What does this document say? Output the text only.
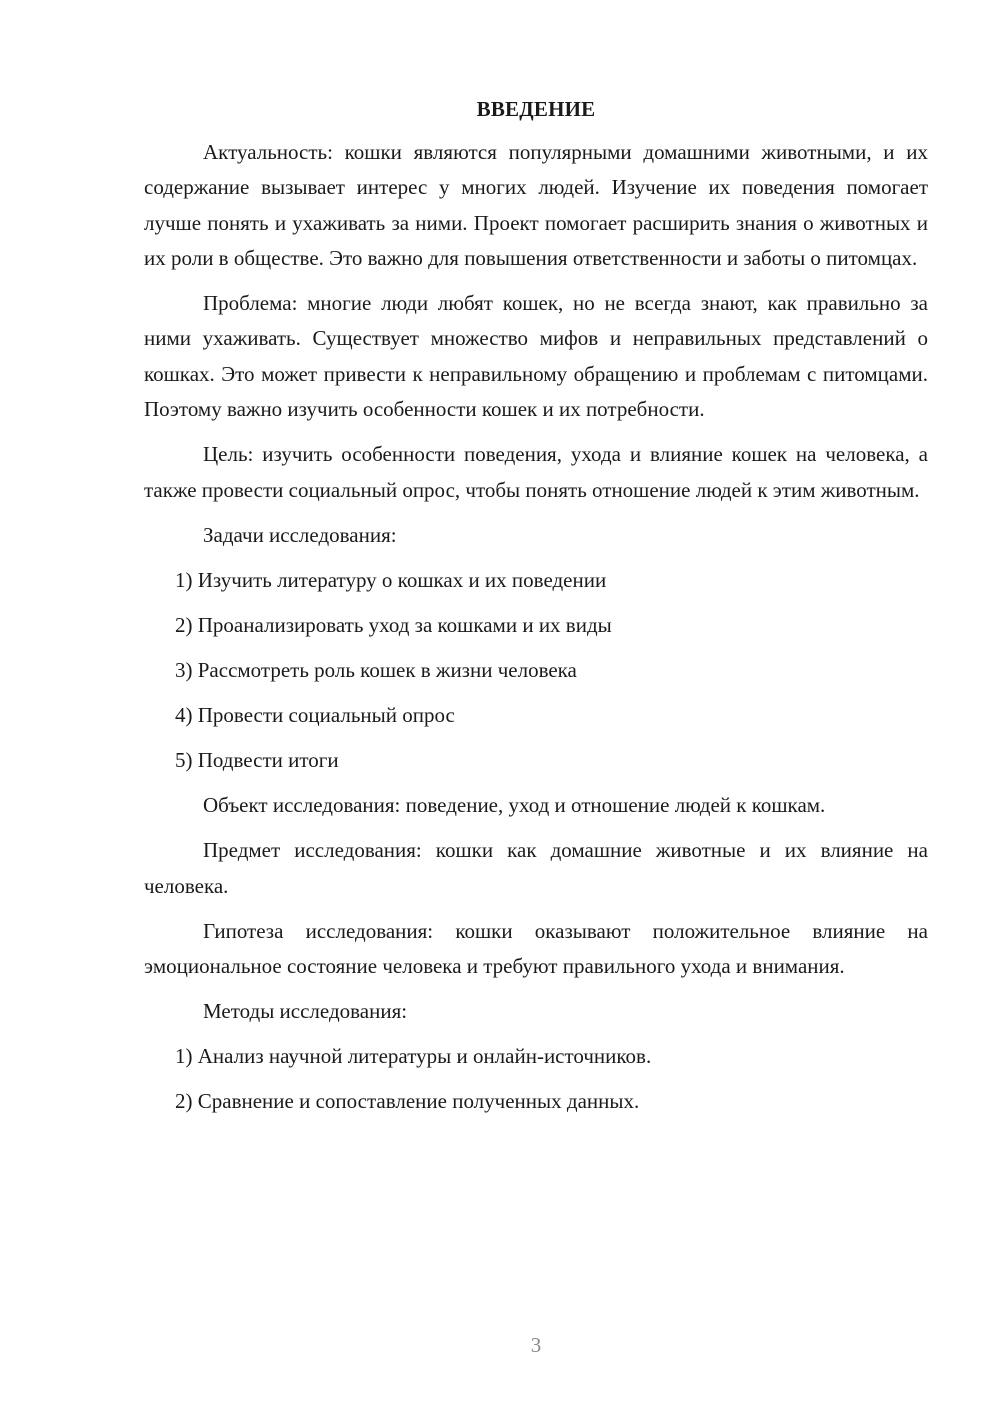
ВВЕДЕНИЕ

Актуальность: кошки являются популярными домашними животными, и их содержание вызывает интерес у многих людей. Изучение их поведения помогает лучше понять и ухаживать за ними. Проект помогает расширить знания о животных и их роли в обществе. Это важно для повышения ответственности и заботы о питомцах.

Проблема: многие люди любят кошек, но не всегда знают, как правильно за ними ухаживать. Существует множество мифов и неправильных представлений о кошках. Это может привести к неправильному обращению и проблемам с питомцами. Поэтому важно изучить особенности кошек и их потребности.

Цель: изучить особенности поведения, ухода и влияние кошек на человека, а также провести социальный опрос, чтобы понять отношение людей к этим животным.

Задачи исследования:

1) Изучить литературу о кошках и их поведении
2) Проанализировать уход за кошками и их виды
3) Рассмотреть роль кошек в жизни человека
4) Провести социальный опрос
5) Подвести итоги

Объект исследования: поведение, уход и отношение людей к кошкам.

Предмет исследования: кошки как домашние животные и их влияние на человека.

Гипотеза исследования: кошки оказывают положительное влияние на эмоциональное состояние человека и требуют правильного ухода и внимания.

Методы исследования:

1) Анализ научной литературы и онлайн-источников.
2) Сравнение и сопоставление полученных данных.
3
